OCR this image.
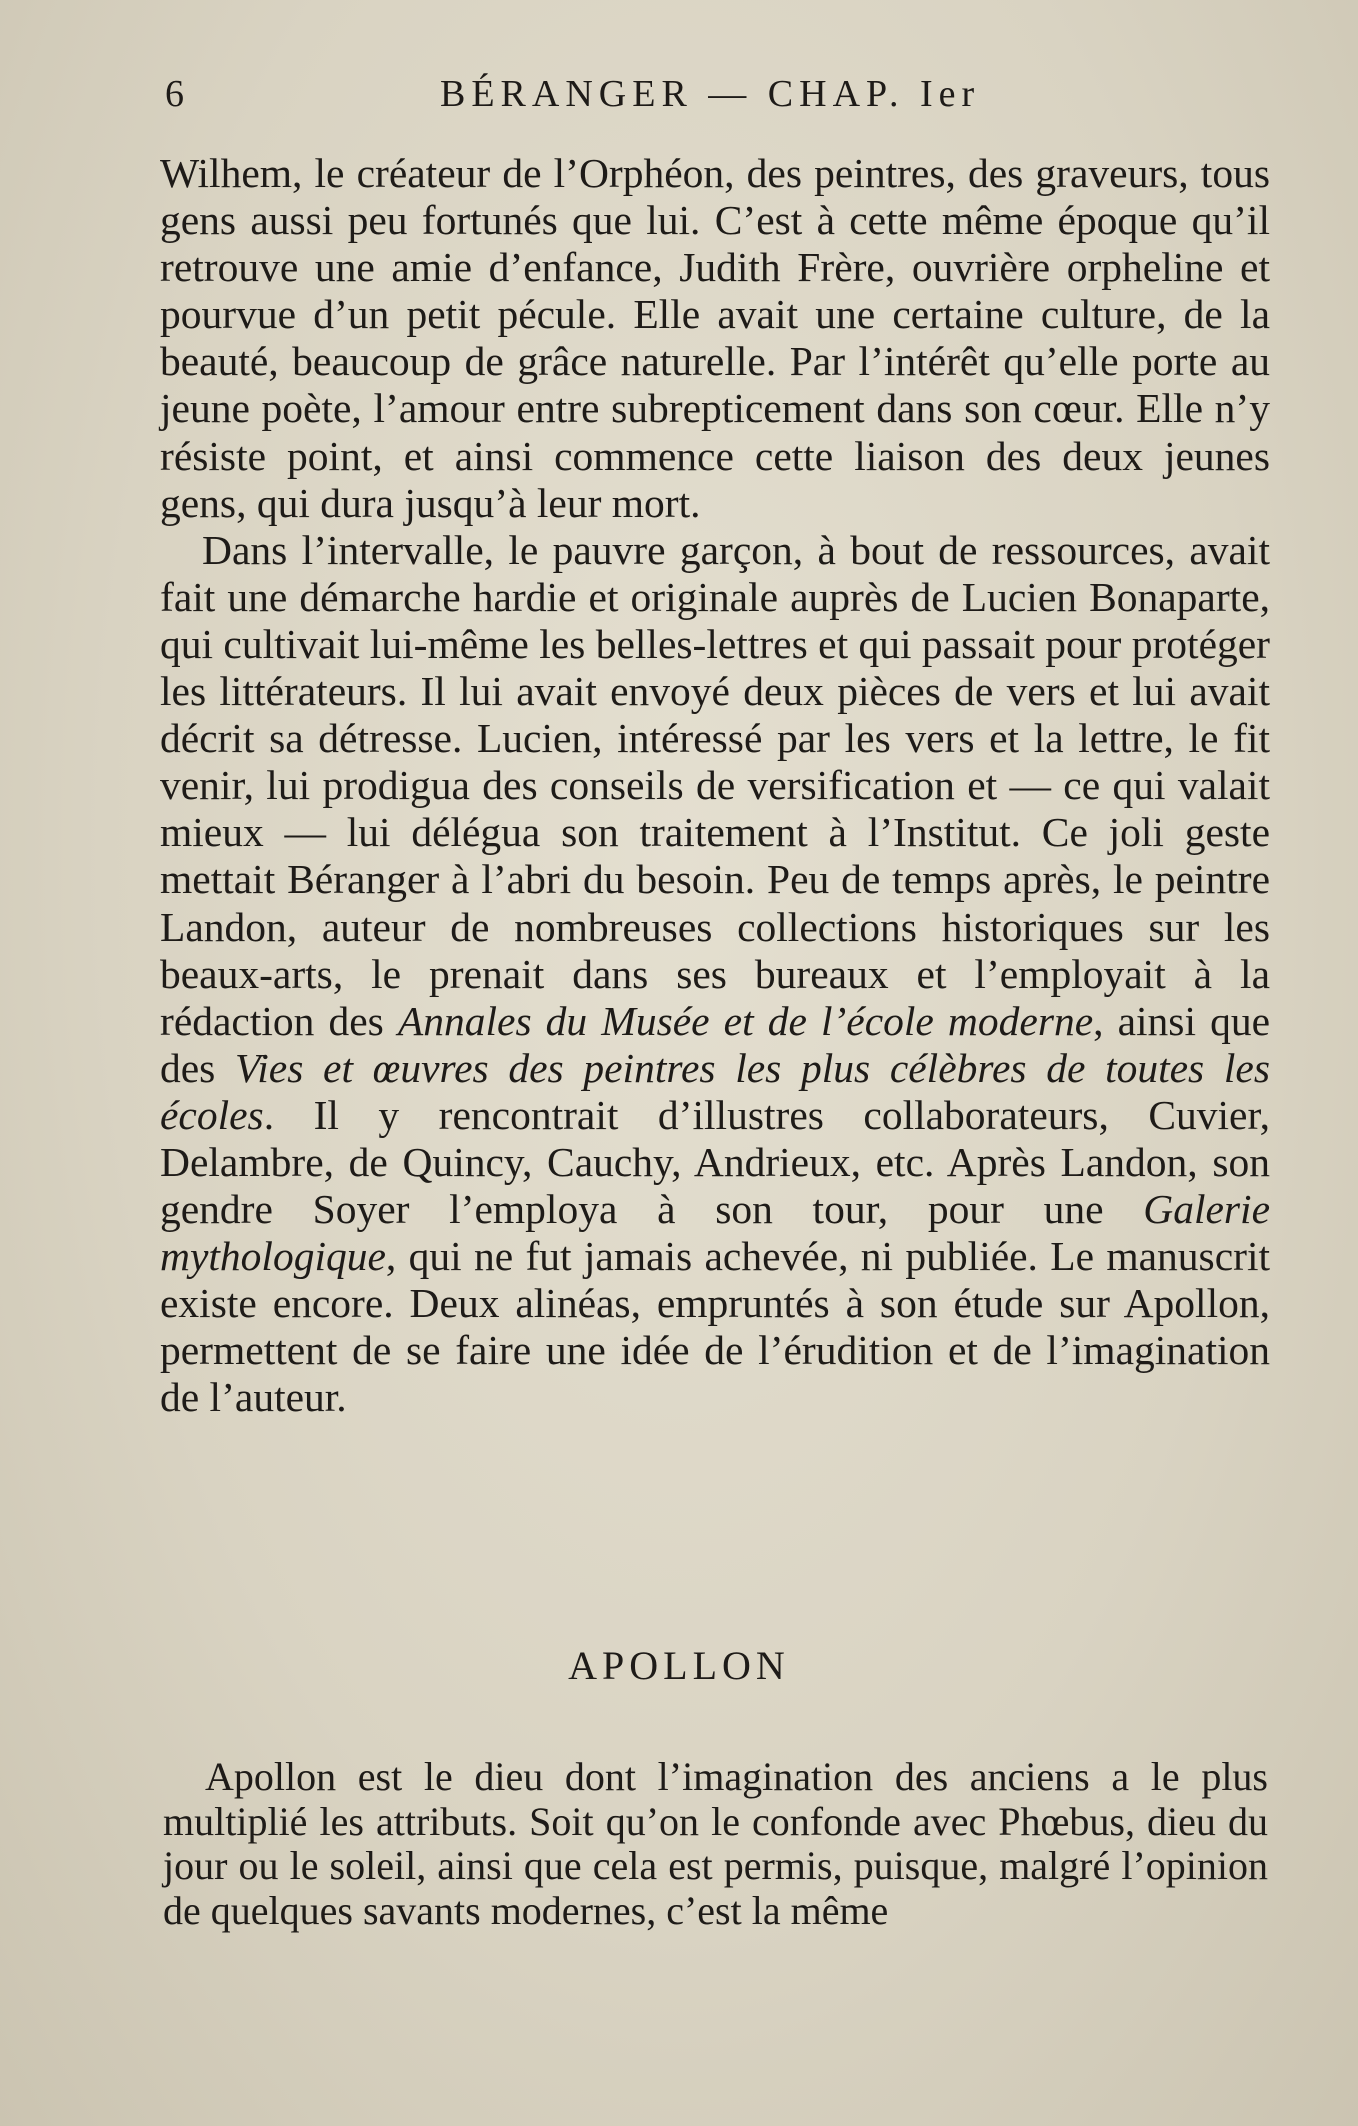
6	BÉRANGER — CHAP. Ier

Wilhem, le créateur de l’Orphéon, des peintres, des graveurs, tous gens aussi peu fortunés que lui. C’est à cette même époque qu’il retrouve une amie d’enfance, Judith Frère, ouvrière orpheline et pourvue d’un petit pécule. Elle avait une certaine culture, de la beauté, beaucoup de grâce naturelle. Par l’intérêt qu’elle porte au jeune poète, l’amour entre subrepticement dans son cœur. Elle n’y résiste point, et ainsi commence cette liaison des deux jeunes gens, qui dura jusqu’à leur mort.

Dans l’intervalle, le pauvre garçon, à bout de ressources, avait fait une démarche hardie et originale auprès de Lucien Bonaparte, qui cultivait lui-même les belles-lettres et qui passait pour protéger les littérateurs. Il lui avait envoyé deux pièces de vers et lui avait décrit sa détresse. Lucien, intéressé par les vers et la lettre, le fit venir, lui prodigua des conseils de versification et — ce qui valait mieux — lui délégua son traitement à l’Institut. Ce joli geste mettait Béranger à l’abri du besoin. Peu de temps après, le peintre Landon, auteur de nombreuses collections historiques sur les beaux-arts, le prenait dans ses bureaux et l’employait à la rédaction des Annales du Musée et de l’école moderne, ainsi que des Vies et œuvres des peintres les plus célèbres de toutes les écoles. Il y rencontrait d’illustres collaborateurs, Cuvier, Delambre, de Quincy, Cauchy, Andrieux, etc. Après Landon, son gendre Soyer l’employa à son tour, pour une Galerie mythologique, qui ne fut jamais achevée, ni publiée. Le manuscrit existe encore. Deux alinéas, empruntés à son étude sur Apollon, permettent de se faire une idée de l’érudition et de l’imagination de l’auteur.

APOLLON

Apollon est le dieu dont l’imagination des anciens a le plus multiplié les attributs. Soit qu’on le confonde avec Phœbus, dieu du jour ou le soleil, ainsi que cela est permis, puisque, malgré l’opinion de quelques savants modernes, c’est la même
